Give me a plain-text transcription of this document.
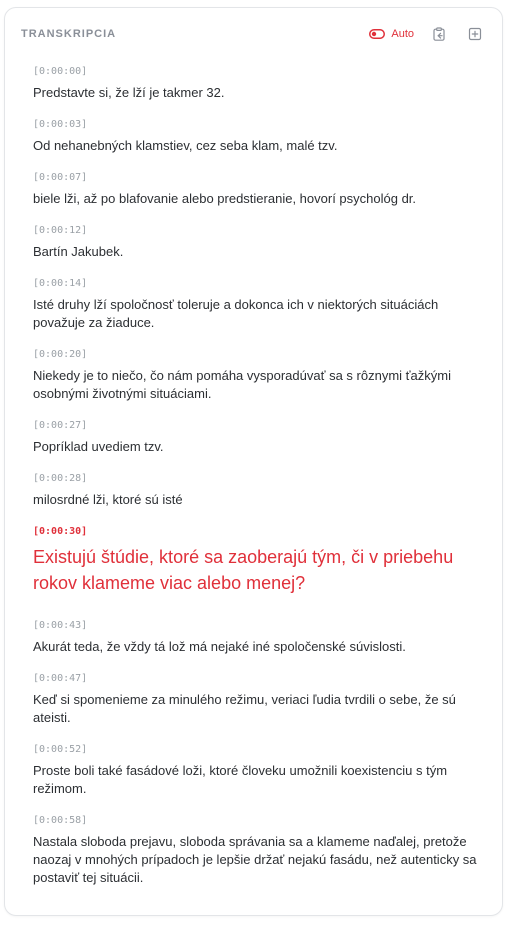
TRANSKRIPCIA	Auto
[0:00:00]
Predstavte si, že lží je takmer 32.
[0:00:03]
Od nehanebných klamstiev, cez seba klam, malé tzv.
[0:00:07]
biele lži, až po blafovanie alebo predstieranie, hovorí psychológ dr.
[0:00:12]
Bartín Jakubek.
[0:00:14]
Isté druhy lží spoločnosť toleruje a dokonca ich v niektorých situáciách považuje za žiaduce.
[0:00:20]
Niekedy je to niečo, čo nám pomáha vysporadúvať sa s rôznymi ťažkými osobnými životnými situáciami.
[0:00:27]
Popríklad uvediem tzv.
[0:00:28]
milosrdné lži, ktoré sú isté
[0:00:30]
Existujú štúdie, ktoré sa zaoberajú tým, či v priebehu rokov klameme viac alebo menej?
[0:00:43]
Akurát teda, že vždy tá lož má nejaké iné spoločenské súvislosti.
[0:00:47]
Keď si spomenieme za minulého režimu, veriaci ľudia tvrdili o sebe, že sú ateisti.
[0:00:52]
Proste boli také fasádové loži, ktoré človeku umožnili koexistenciu s tým režimom.
[0:00:58]
Nastala sloboda prejavu, sloboda správania sa a klameme naďalej, pretože naozaj v mnohých prípadoch je lepšie držať nejakú fasádu, než autenticky sa postaviť tej situácii.
